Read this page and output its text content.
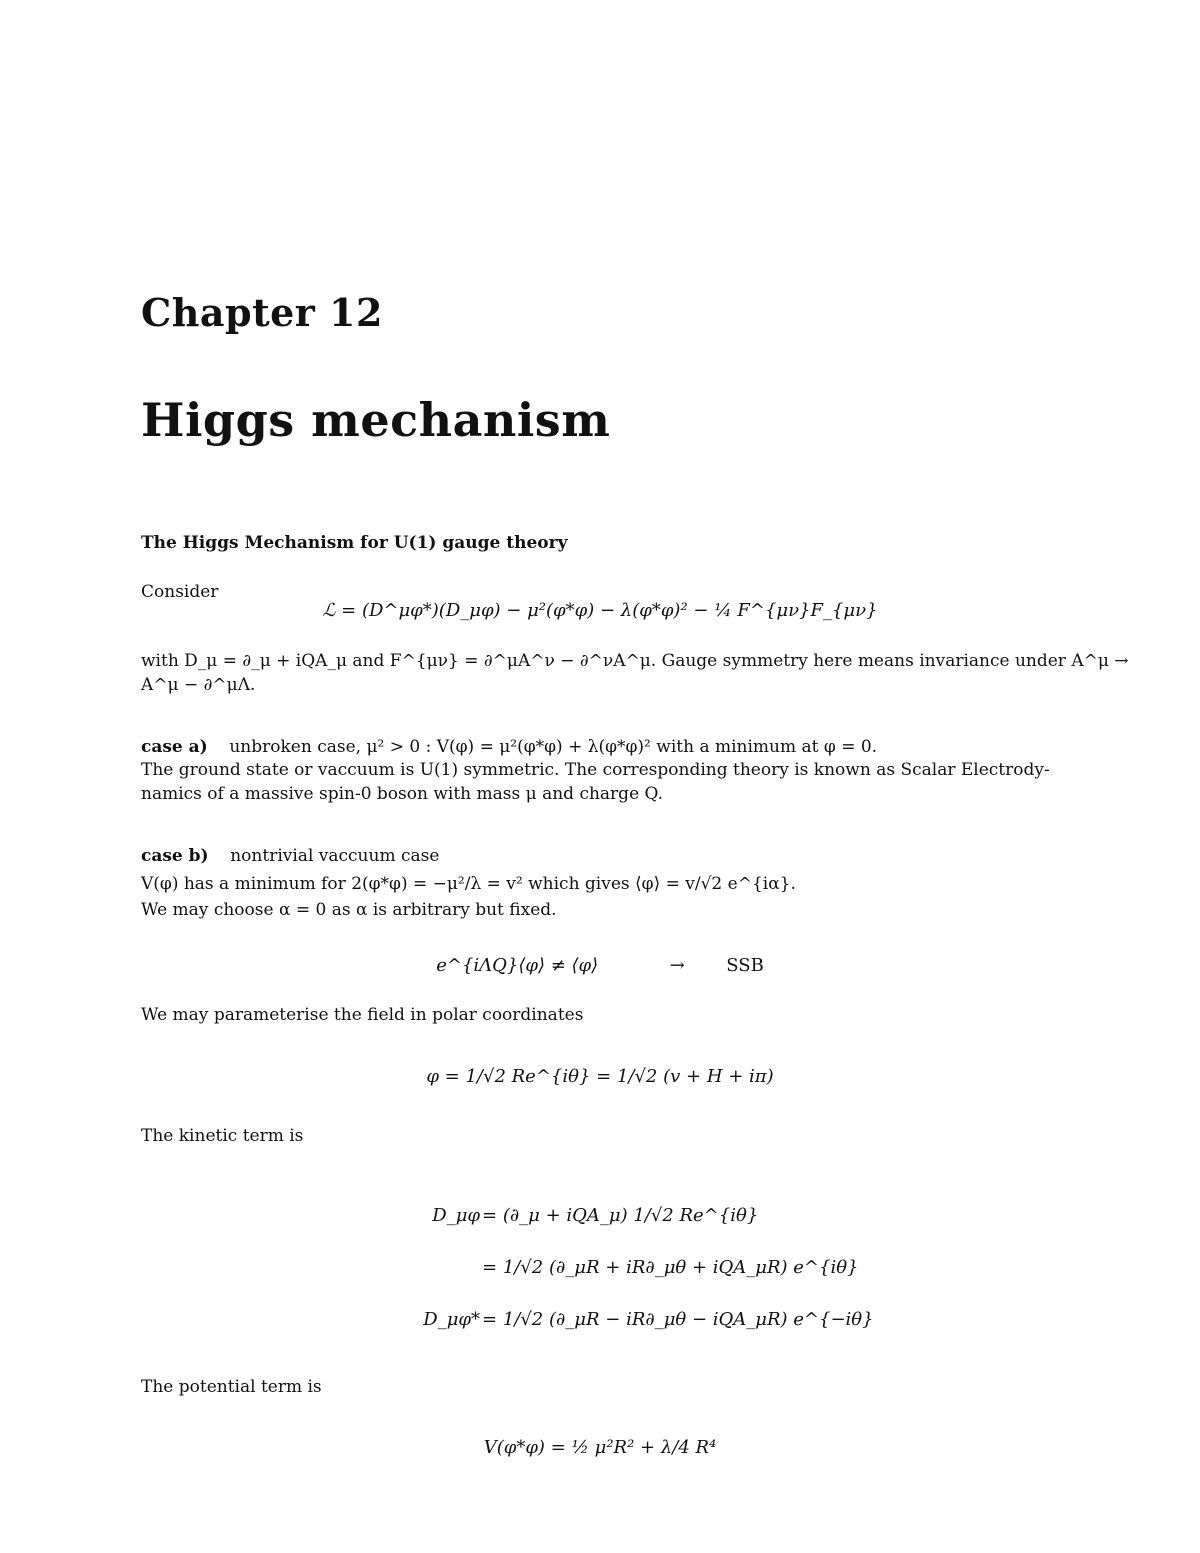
Chapter 12
Higgs mechanism
The Higgs Mechanism for U(1) gauge theory
Consider
ℒ = (D^μφ*)(D_μφ) − μ²(φ*φ) − λ(φ*φ)² − ¼ F^{μν}F_{μν}
with D_μ = ∂_μ + iQA_μ and F^{μν} = ∂^μA^ν − ∂^νA^μ. Gauge symmetry here means invariance under A^μ →
A^μ − ∂^μΛ.
case a) unbroken case, μ² > 0 : V(φ) = μ²(φ*φ) + λ(φ*φ)² with a minimum at φ = 0.
The ground state or vaccuum is U(1) symmetric. The corresponding theory is known as Scalar Electrody-
namics of a massive spin-0 boson with mass μ and charge Q.
case b) nontrivial vaccuum case
V(φ) has a minimum for 2(φ*φ) = −μ²/λ = v² which gives ⟨φ⟩ = v/√2 e^{iα}.
We may choose α = 0 as α is arbitrary but fixed.
e^{iΛQ}⟨φ⟩ ≠ ⟨φ⟩	→ SSB
We may parameterise the field in polar coordinates
φ = 1/√2 Re^{iθ} = 1/√2 (v + H + iπ)
The kinetic term is
D_μφ = (∂_μ + iQA_μ) 1/√2 Re^{iθ}
= 1/√2 (∂_μR + iR∂_μθ + iQA_μR) e^{iθ}
D_μφ* = 1/√2 (∂_μR − iR∂_μθ − iQA_μR) e^{−iθ}
The potential term is
V(φ*φ) = ½ μ²R² + λ/4 R⁴
